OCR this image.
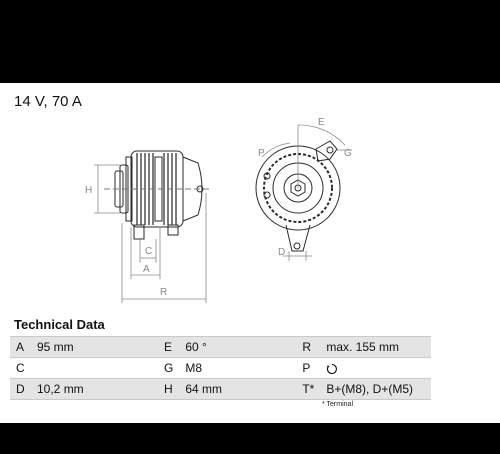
14 V, 70 A
H
C
A
R
E
P	G
D
Technical Data
A	95 mm	E	60 °	R	max. 155 mm
C		G	M8	P	
D	10,2 mm	H	64 mm	T*	B+(M8), D+(M5)
* Terminal
